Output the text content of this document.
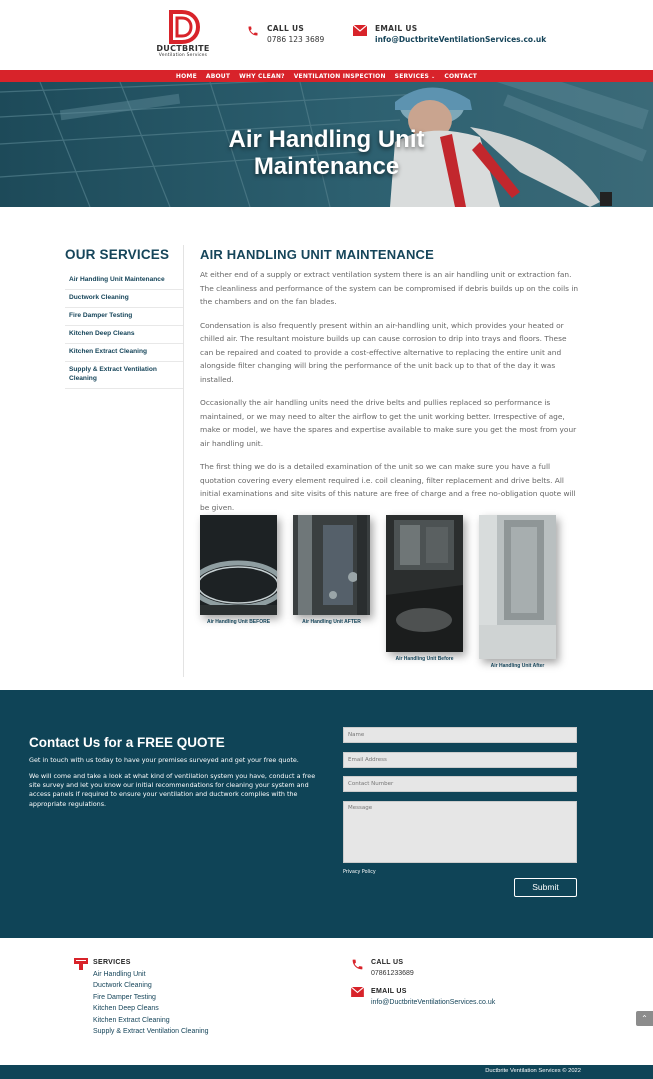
DUCTBRITE
Ventilation Services
CALL US
0786 123 3689
EMAIL US
info@DuctbriteVentilationServices.co.uk
HOME ABOUT WHY CLEAN? VENTILATION INSPECTION SERVICES ⌄ CONTACT
Air Handling Unit
Maintenance
OUR SERVICES
Air Handling Unit Maintenance
Ductwork Cleaning
Fire Damper Testing
Kitchen Deep Cleans
Kitchen Extract Cleaning
Supply & Extract Ventilation Cleaning
AIR HANDLING UNIT MAINTENANCE

At either end of a supply or extract ventilation system there is an air handling unit or extraction fan. The cleanliness and performance of the system can be compromised if debris builds up on the coils in the chambers and on the fan blades.

Condensation is also frequently present within an air-handling unit, which provides your heated or chilled air. The resultant moisture builds up can cause corrosion to drip into trays and floors. These can be repaired and coated to provide a cost-effective alternative to replacing the entire unit and alongside filter changing will bring the performance of the unit back up to that of the day it was installed.

Occasionally the air handling units need the drive belts and pullies replaced so performance is maintained, or we may need to alter the airflow to get the unit working better. Irrespective of age, make or model, we have the spares and expertise available to make sure you get the most from your air handling unit.

The first thing we do is a detailed examination of the unit so we can make sure you have a full quotation covering every element required i.e. coil cleaning, filter replacement and drive belts. All initial examinations and site visits of this nature are free of charge and a free no-obligation quote will be given.

Air Handling Unit BEFORE	Air Handling Unit AFTER
Air Handling Unit Before
Air Handling Unit After
Contact Us for a FREE QUOTE

Get in touch with us today to have your premises surveyed and get your free quote.

We will come and take a look at what kind of ventilation system you have, conduct a free site survey and let you know our initial recommendations for cleaning your system and access panels if required to ensure your ventilation and ductwork complies with the appropriate regulations.

Name
Email Address
Contact Number
Message
Privacy Policy
Submit
SERVICES
Air Handling Unit
Ductwork Cleaning
Fire Damper Testing
Kitchen Deep Cleans
Kitchen Extract Cleaning
Supply & Extract Ventilation Cleaning
CALL US
07861233689
EMAIL US
info@DuctbriteVentilationServices.co.uk
⌃
Ductbrite Ventilation Services © 2022
